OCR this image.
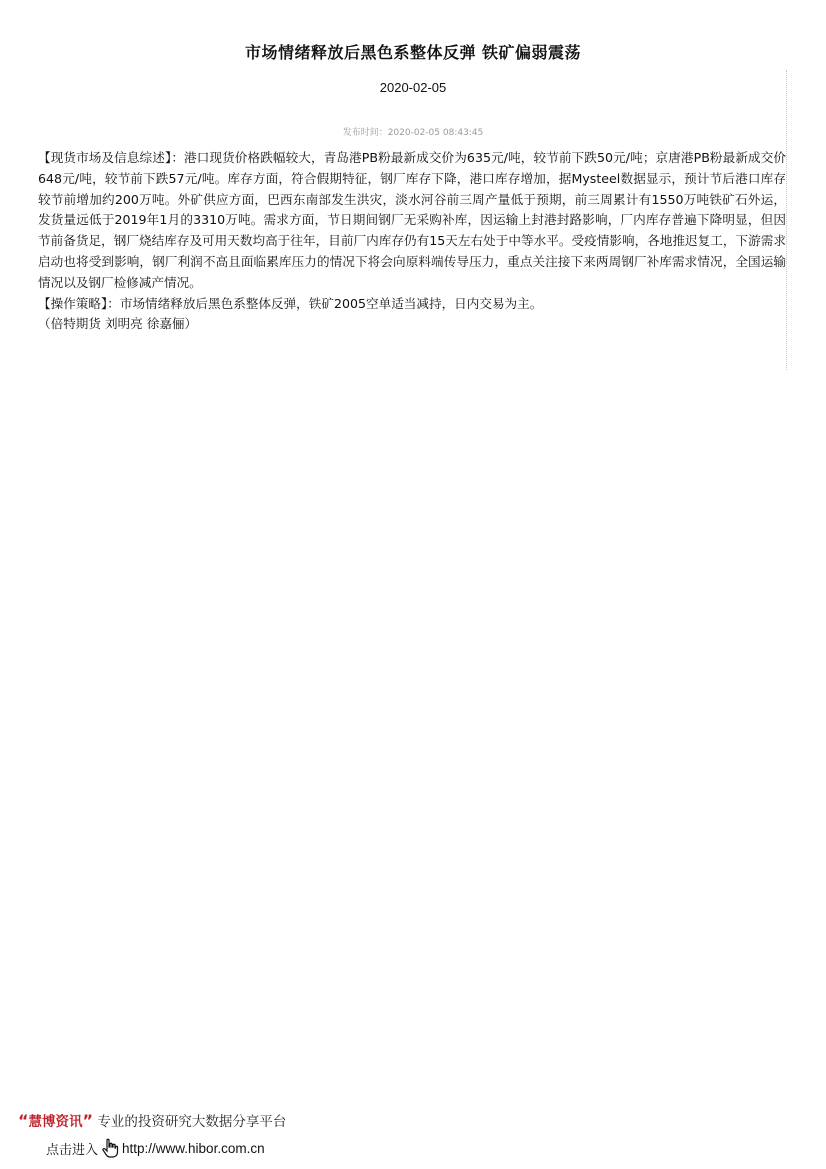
市场情绪释放后黑色系整体反弹 铁矿偏弱震荡
2020-02-05
发布时间：2020-02-05 08:43:45

【现货市场及信息综述】：港口现货价格跌幅较大，青岛港PB粉最新成交价为635元/吨，较节前下跌50元/吨；京唐港PB粉最新成交价648元/吨，较节前下跌57元/吨。库存方面，符合假期特征，钢厂库存下降，港口库存增加，据Mysteel数据显示，预计节后港口库存较节前增加约200万吨。外矿供应方面，巴西东南部发生洪灾，淡水河谷前三周产量低于预期，前三周累计有1550万吨铁矿石外运，发货量远低于2019年1月的3310万吨。需求方面，节日期间钢厂无采购补库，因运输上封港封路影响，厂内库存普遍下降明显，但因节前备货足，钢厂烧结库存及可用天数均高于往年，目前厂内库存仍有15天左右处于中等水平。受疫情影响，各地推迟复工，下游需求启动也将受到影响，钢厂利润不高且面临累库压力的情况下将会向原料端传导压力，重点关注接下来两周钢厂补库需求情况，全国运输情况以及钢厂检修减产情况。

【操作策略】：市场情绪释放后黑色系整体反弹，铁矿2005空单适当减持，日内交易为主。

（倍特期货 刘明亮 徐嘉俪）

“慧博资讯” 专业的投资研究大数据分享平台
点击进入 http://www.hibor.com.cn
